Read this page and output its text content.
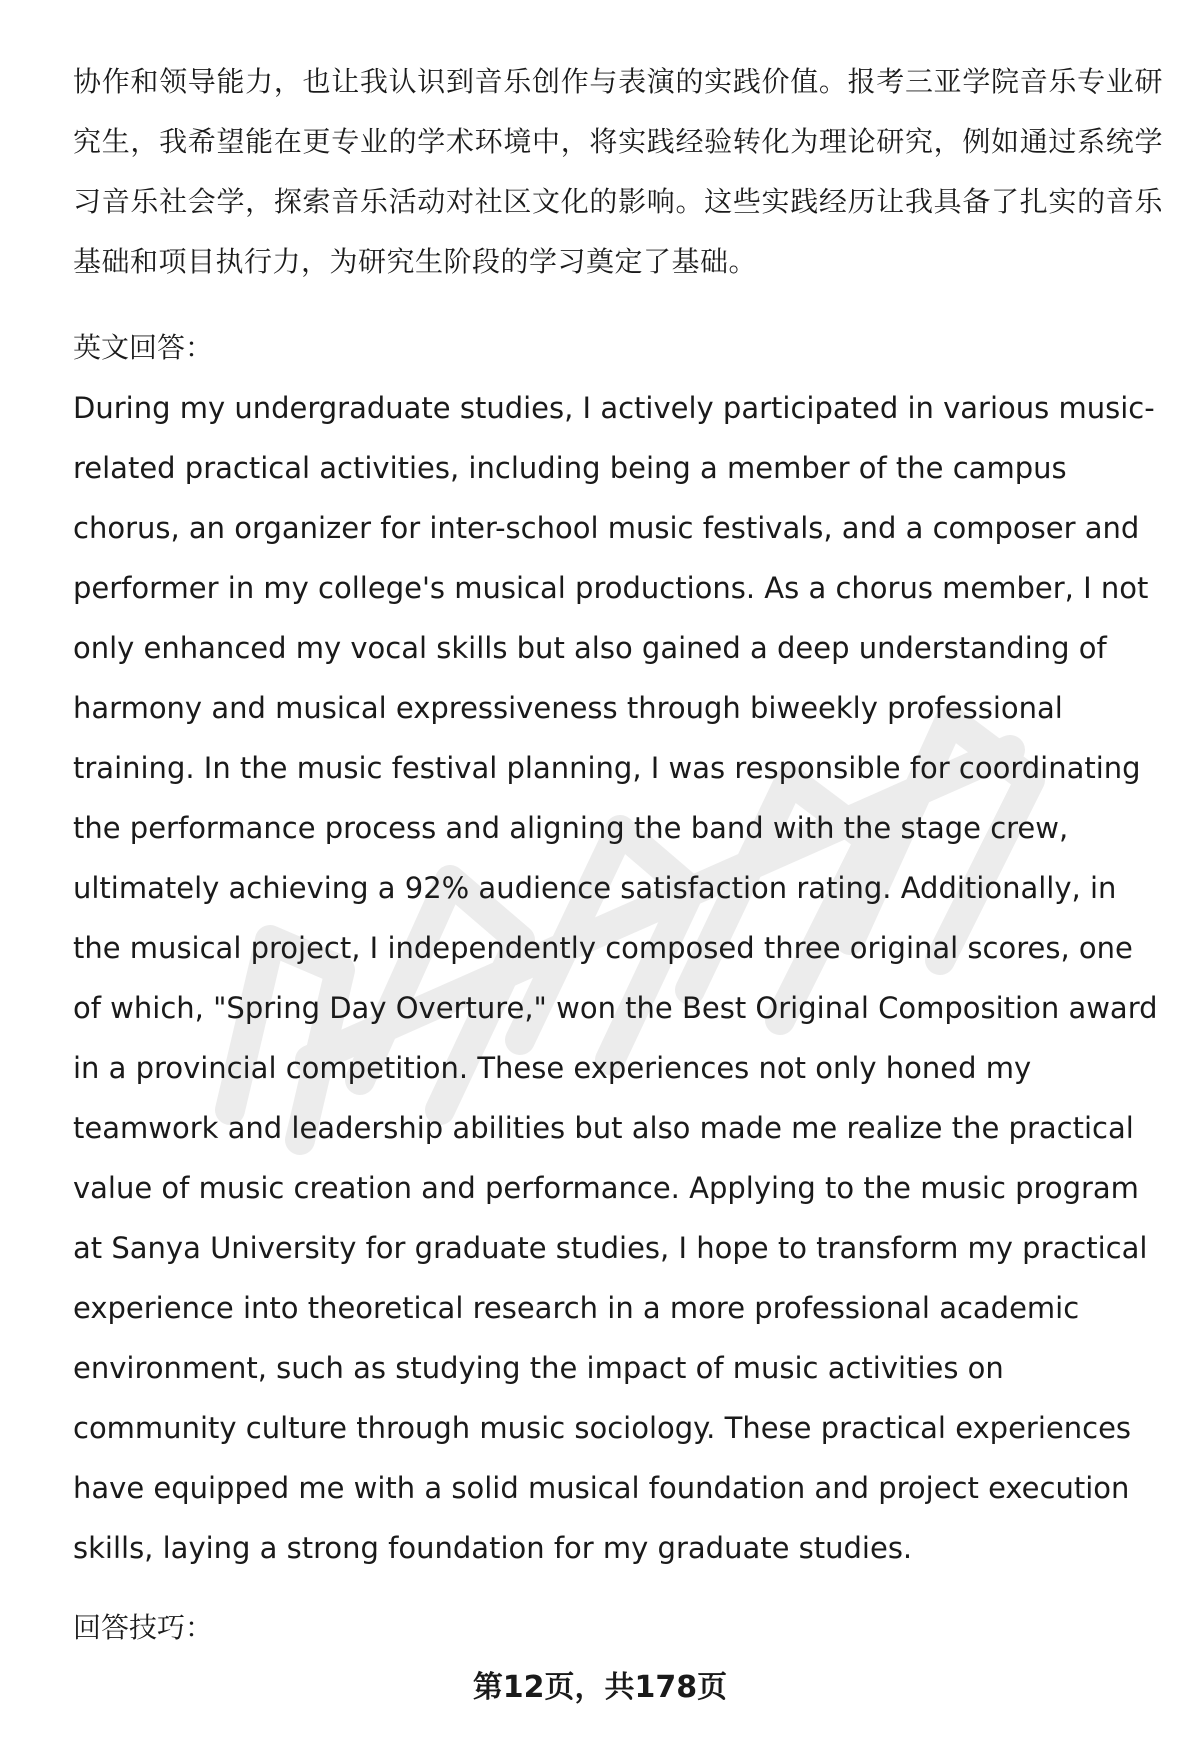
协作和领导能力，也让我认识到音乐创作与表演的实践价值。报考三亚学院音乐专业研究生，我希望能在更专业的学术环境中，将实践经验转化为理论研究，例如通过系统学习音乐社会学，探索音乐活动对社区文化的影响。这些实践经历让我具备了扎实的音乐基础和项目执行力，为研究生阶段的学习奠定了基础。

英文回答：

During my undergraduate studies, I actively participated in various music-related practical activities, including being a member of the campus chorus, an organizer for inter-school music festivals, and a composer and performer in my college's musical productions. As a chorus member, I not only enhanced my vocal skills but also gained a deep understanding of harmony and musical expressiveness through biweekly professional training. In the music festival planning, I was responsible for coordinating the performance process and aligning the band with the stage crew, ultimately achieving a 92% audience satisfaction rating. Additionally, in the musical project, I independently composed three original scores, one of which, "Spring Day Overture," won the Best Original Composition award in a provincial competition. These experiences not only honed my teamwork and leadership abilities but also made me realize the practical value of music creation and performance. Applying to the music program at Sanya University for graduate studies, I hope to transform my practical experience into theoretical research in a more professional academic environment, such as studying the impact of music activities on community culture through music sociology. These practical experiences have equipped me with a solid musical foundation and project execution skills, laying a strong foundation for my graduate studies.

回答技巧：
第12页，共178页
